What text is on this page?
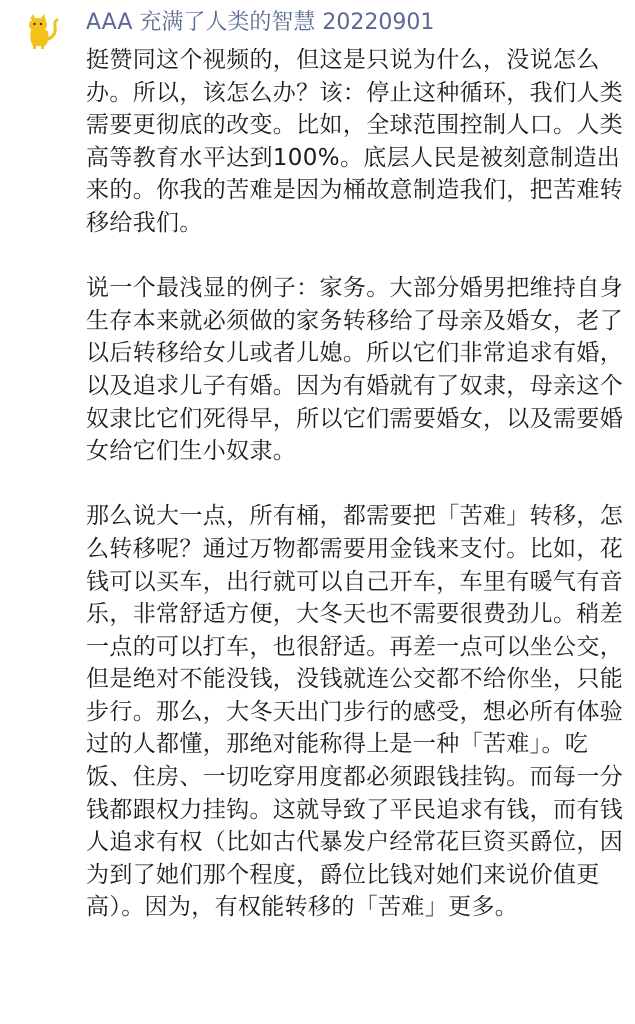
AAA 充满了人类的智慧 20220901

挺赞同这个视频的，但这是只说为什么，没说怎么办。所以，该怎么办？该：停止这种循环，我们人类需要更彻底的改变。比如，全球范围控制人口。人类高等教育水平达到100%。底层人民是被刻意制造出来的。你我的苦难是因为桶故意制造我们，把苦难转移给我们。

说一个最浅显的例子：家务。大部分婚男把维持自身生存本来就必须做的家务转移给了母亲及婚女，老了以后转移给女儿或者儿媳。所以它们非常追求有婚，以及追求儿子有婚。因为有婚就有了奴隶，母亲这个奴隶比它们死得早，所以它们需要婚女，以及需要婚女给它们生小奴隶。

那么说大一点，所有桶，都需要把「苦难」转移，怎么转移呢？通过万物都需要用金钱来支付。比如，花钱可以买车，出行就可以自己开车，车里有暖气有音乐，非常舒适方便，大冬天也不需要很费劲儿。稍差一点的可以打车，也很舒适。再差一点可以坐公交，但是绝对不能没钱，没钱就连公交都不给你坐，只能步行。那么，大冬天出门步行的感受，想必所有体验过的人都懂，那绝对能称得上是一种「苦难」。吃饭、住房、一切吃穿用度都必须跟钱挂钩。而每一分钱都跟权力挂钩。这就导致了平民追求有钱，而有钱人追求有权（比如古代暴发户经常花巨资买爵位，因为到了她们那个程度，爵位比钱对她们来说价值更高）。因为，有权能转移的「苦难」更多。
